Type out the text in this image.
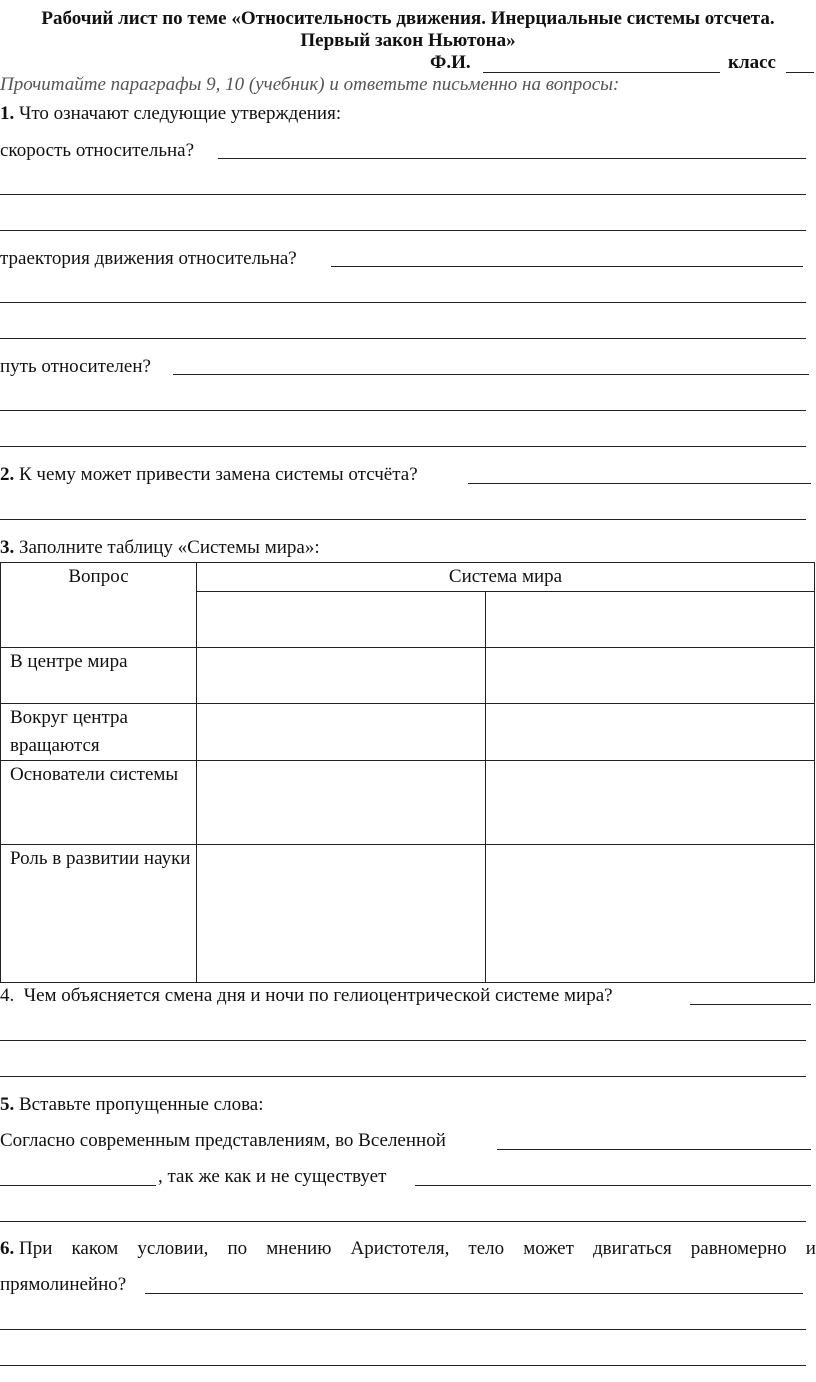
Рабочий лист по теме «Относительность движения. Инерциальные системы отсчета.
Первый закон Ньютона»
Ф.И.	класс
Прочитайте параграфы 9, 10 (учебник) и ответьте письменно на вопросы:
1. Что означают следующие утверждения:
скорость относительна?
траектория движения относительна?
путь относителен?
2. К чему может привести замена системы отсчёта?
3. Заполните таблицу «Системы мира»:
Вопрос	Система мира	

В центре мира		
Вокруг центра вращаются		
Основатели системы		
Роль в развитии науки		
4. Чем объясняется смена дня и ночи по гелиоцентрической системе мира?
5. Вставьте пропущенные слова:
Согласно современным представлениям, во Вселенной
, так же как и не существует
6. При каком условии, по мнению Аристотеля, тело может двигаться равномерно и
прямолинейно?
